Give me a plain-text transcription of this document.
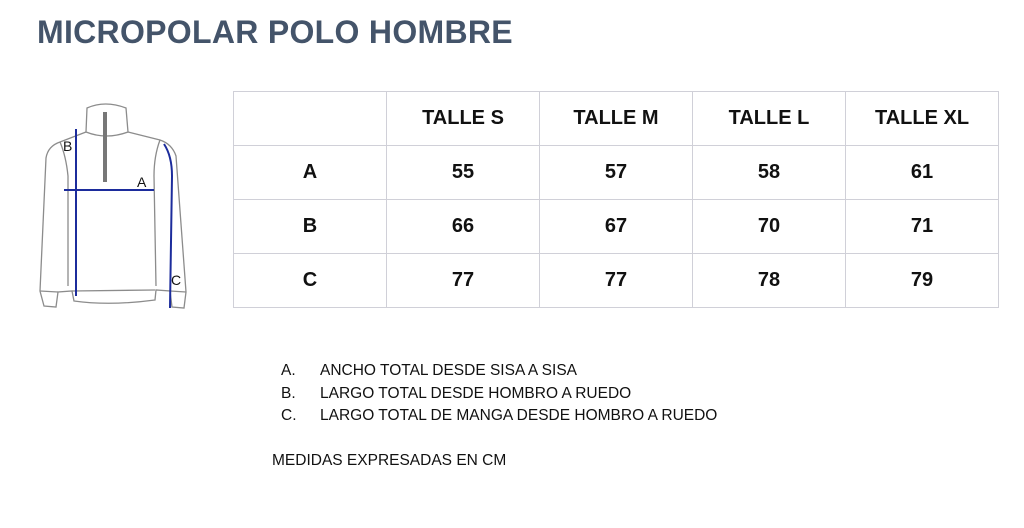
MICROPOLAR POLO HOMBRE
B
A
C
	TALLE S	TALLE M	TALLE L	TALLE XL
A	55	57	58	61
B	66	67	70	71
C	77	77	78	79
A.	ANCHO TOTAL DESDE SISA A SISA
B.	LARGO TOTAL DESDE HOMBRO A RUEDO
C.	LARGO TOTAL DE MANGA DESDE HOMBRO A RUEDO
MEDIDAS EXPRESADAS EN CM
